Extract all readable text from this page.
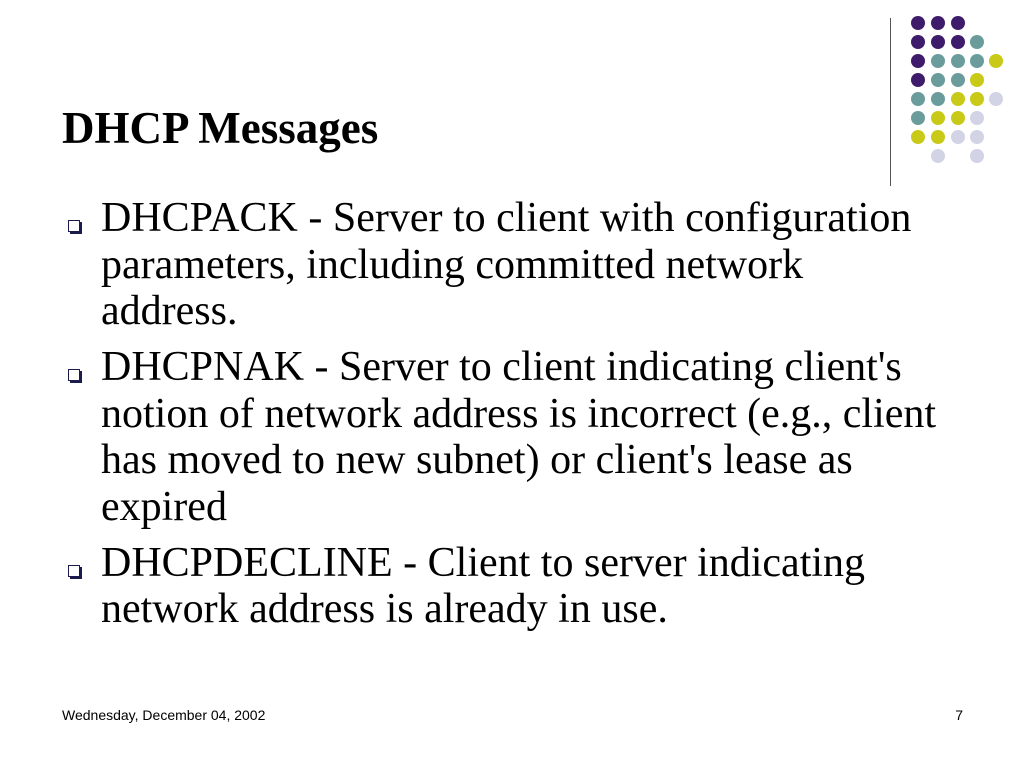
DHCP Messages
DHCPACK - Server to client with configuration
parameters, including committed network
address.
DHCPNAK - Server to client indicating client's
notion of network address is incorrect (e.g., client
has moved to new subnet) or client's lease as
expired
DHCPDECLINE - Client to server indicating
network address is already in use.
Wednesday, December 04, 2002	7
